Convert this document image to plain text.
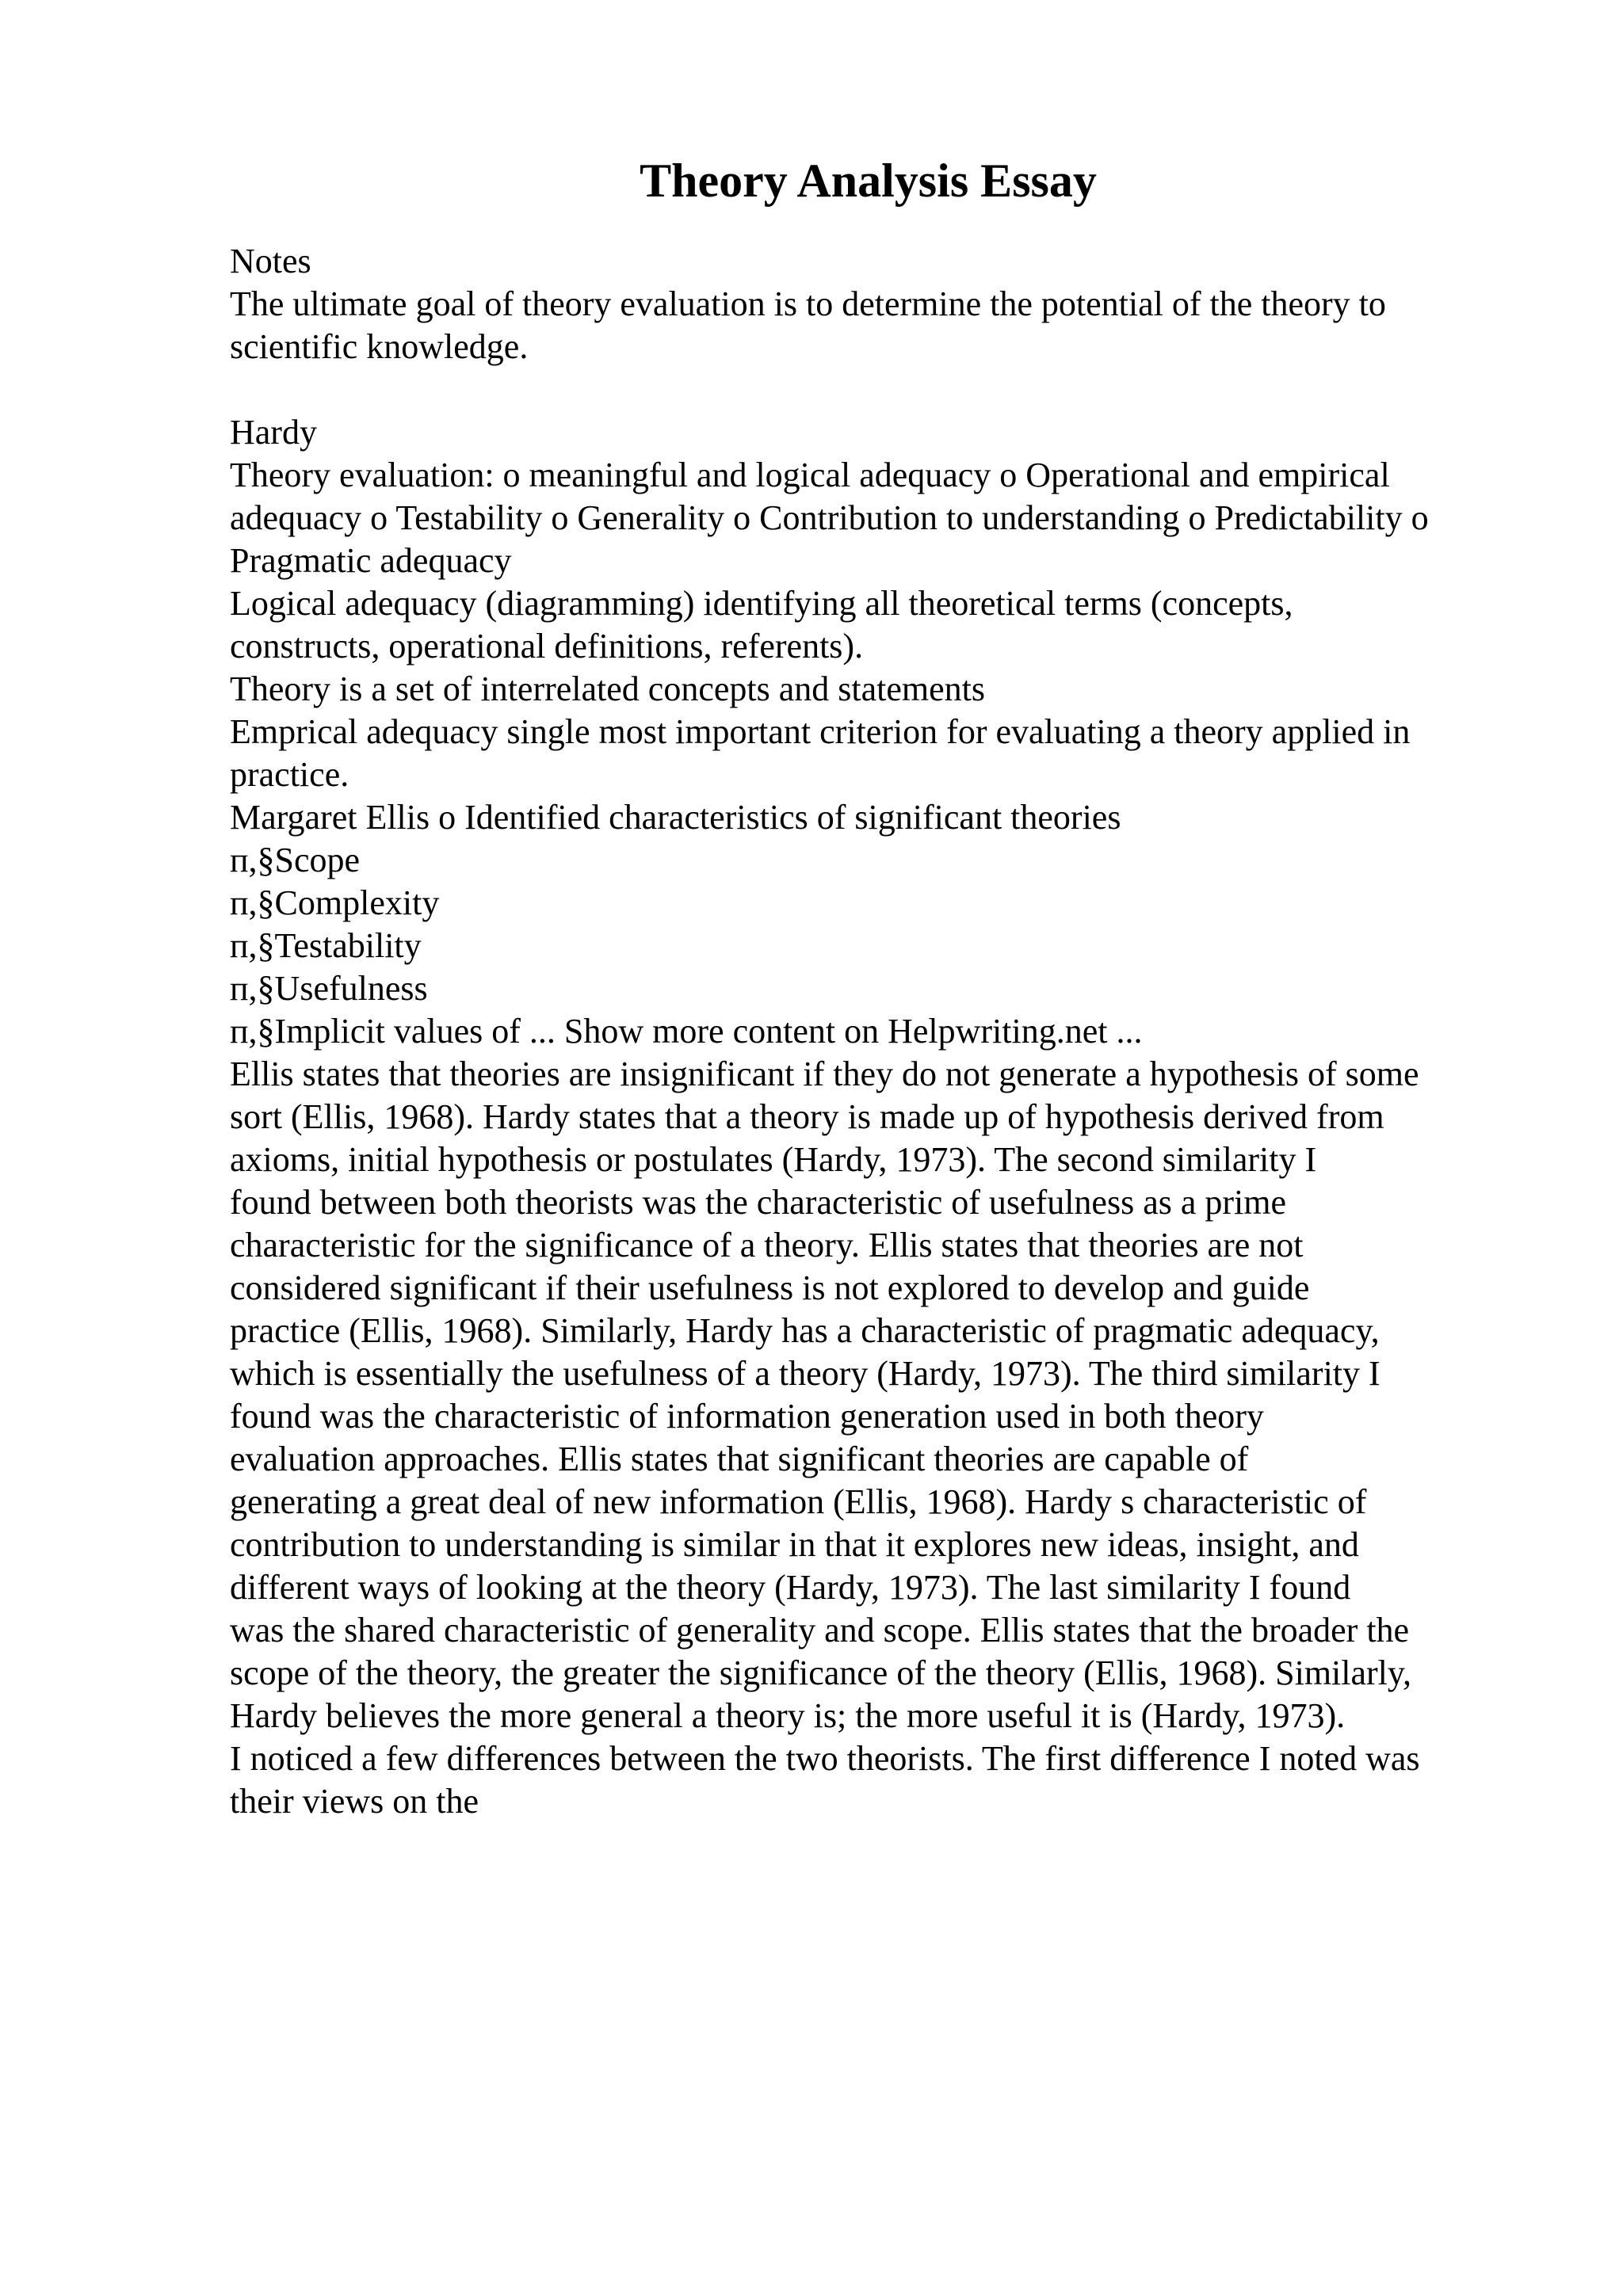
Theory Analysis Essay
Notes
The ultimate goal of theory evaluation is to determine the potential of the theory to
scientific knowledge.
Hardy
Theory evaluation: o meaningful and logical adequacy o Operational and empirical
adequacy o Testability o Generality o Contribution to understanding o Predictability o
Pragmatic adequacy
Logical adequacy (diagramming) identifying all theoretical terms (concepts,
constructs, operational definitions, referents).
Theory is a set of interrelated concepts and statements
Emprical adequacy single most important criterion for evaluating a theory applied in
practice.
Margaret Ellis o Identified characteristics of significant theories
п,§Scope
п,§Complexity
п,§Testability
п,§Usefulness
п,§Implicit values of ... Show more content on Helpwriting.net ...
Ellis states that theories are insignificant if they do not generate a hypothesis of some
sort (Ellis, 1968). Hardy states that a theory is made up of hypothesis derived from
axioms, initial hypothesis or postulates (Hardy, 1973). The second similarity I
found between both theorists was the characteristic of usefulness as a prime
characteristic for the significance of a theory. Ellis states that theories are not
considered significant if their usefulness is not explored to develop and guide
practice (Ellis, 1968). Similarly, Hardy has a characteristic of pragmatic adequacy,
which is essentially the usefulness of a theory (Hardy, 1973). The third similarity I
found was the characteristic of information generation used in both theory
evaluation approaches. Ellis states that significant theories are capable of
generating a great deal of new information (Ellis, 1968). Hardy s characteristic of
contribution to understanding is similar in that it explores new ideas, insight, and
different ways of looking at the theory (Hardy, 1973). The last similarity I found
was the shared characteristic of generality and scope. Ellis states that the broader the
scope of the theory, the greater the significance of the theory (Ellis, 1968). Similarly,
Hardy believes the more general a theory is; the more useful it is (Hardy, 1973).
I noticed a few differences between the two theorists. The first difference I noted was
their views on the
